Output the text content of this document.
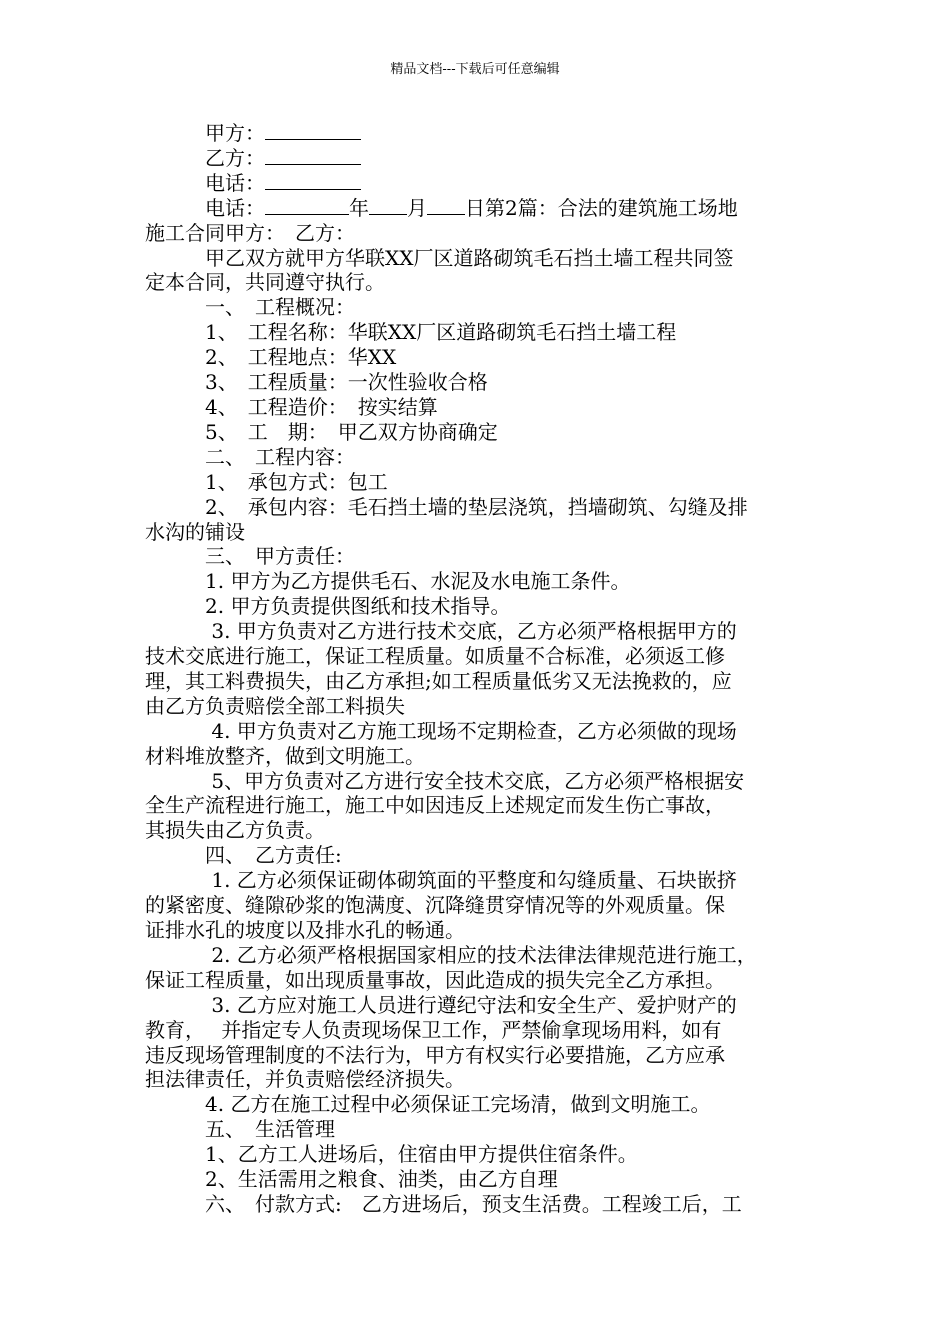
精品文档---下载后可任意编辑
　　　甲方：
　　　乙方：
　　　电话：
　　　电话：	年 月 日第2篇：合法的建筑施工场地
施工合同甲方：　乙方：
　　　甲乙双方就甲方华联XX厂区道路砌筑毛石挡土墙工程共同签
定本合同，共同遵守执行。
　　　一、　工程概况：
　　　1、　工程名称：华联XX厂区道路砌筑毛石挡土墙工程
　　　2、　工程地点：华XX
　　　3、　工程质量：一次性验收合格
　　　4、　工程造价：　按实结算
　　　5、　工　期：　甲乙双方协商确定
　　　二、　工程内容：
　　　1、　承包方式：包工
　　　2、　承包内容：毛石挡土墙的垫层浇筑，挡墙砌筑、勾缝及排
水沟的铺设
　　　三、　甲方责任：
　　　1. 甲方为乙方提供毛石、水泥及水电施工条件。
　　　2. 甲方负责提供图纸和技术指导。
　　　 3. 甲方负责对乙方进行技术交底，乙方必须严格根据甲方的
技术交底进行施工，保证工程质量。如质量不合标准，必须返工修
理，其工料费损失，由乙方承担;如工程质量低劣又无法挽救的，应
由乙方负责赔偿全部工料损失
　　　 4. 甲方负责对乙方施工现场不定期检查，乙方必须做的现场
材料堆放整齐，做到文明施工。
　　　 5、甲方负责对乙方进行安全技术交底，乙方必须严格根据安
全生产流程进行施工，施工中如因违反上述规定而发生伤亡事故，
其损失由乙方负责。
　　　四、　乙方责任:
　　　 1. 乙方必须保证砌体砌筑面的平整度和勾缝质量、石块嵌挤
的紧密度、缝隙砂浆的饱满度、沉降缝贯穿情况等的外观质量。保
证排水孔的坡度以及排水孔的畅通。
　　　 2. 乙方必须严格根据国家相应的技术法律法律规范进行施工，
保证工程质量，如出现质量事故，因此造成的损失完全乙方承担。
　　　 3. 乙方应对施工人员进行遵纪守法和安全生产、爱护财产的
教育，　 并指定专人负责现场保卫工作，严禁偷拿现场用料，如有
违反现场管理制度的不法行为，甲方有权实行必要措施，乙方应承
担法律责任，并负责赔偿经济损失。
　　　4. 乙方在施工过程中必须保证工完场清，做到文明施工。
　　　五、　生活管理
　　　1、乙方工人进场后，住宿由甲方提供住宿条件。
　　　2、生活需用之粮食、油类，由乙方自理
　　　六、　付款方式:　乙方进场后，预支生活费。工程竣工后，工
